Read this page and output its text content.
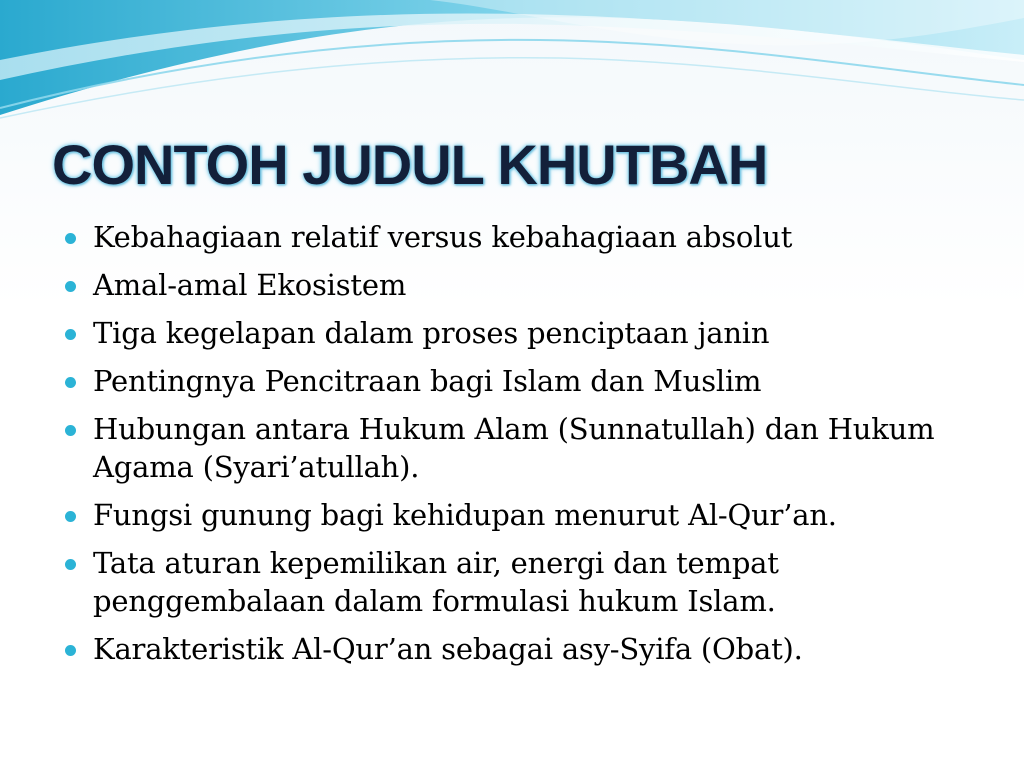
CONTOH JUDUL KHUTBAH
Kebahagiaan relatif versus kebahagiaan absolut
Amal-amal Ekosistem
Tiga kegelapan dalam proses penciptaan janin
Pentingnya Pencitraan bagi Islam dan Muslim
Hubungan antara Hukum Alam (Sunnatullah) dan Hukum Agama (Syari’atullah).
Fungsi gunung bagi kehidupan menurut Al-Qur’an.
Tata aturan kepemilikan air, energi dan tempat penggembalaan dalam formulasi hukum Islam.
Karakteristik Al-Qur’an sebagai asy-Syifa (Obat).
